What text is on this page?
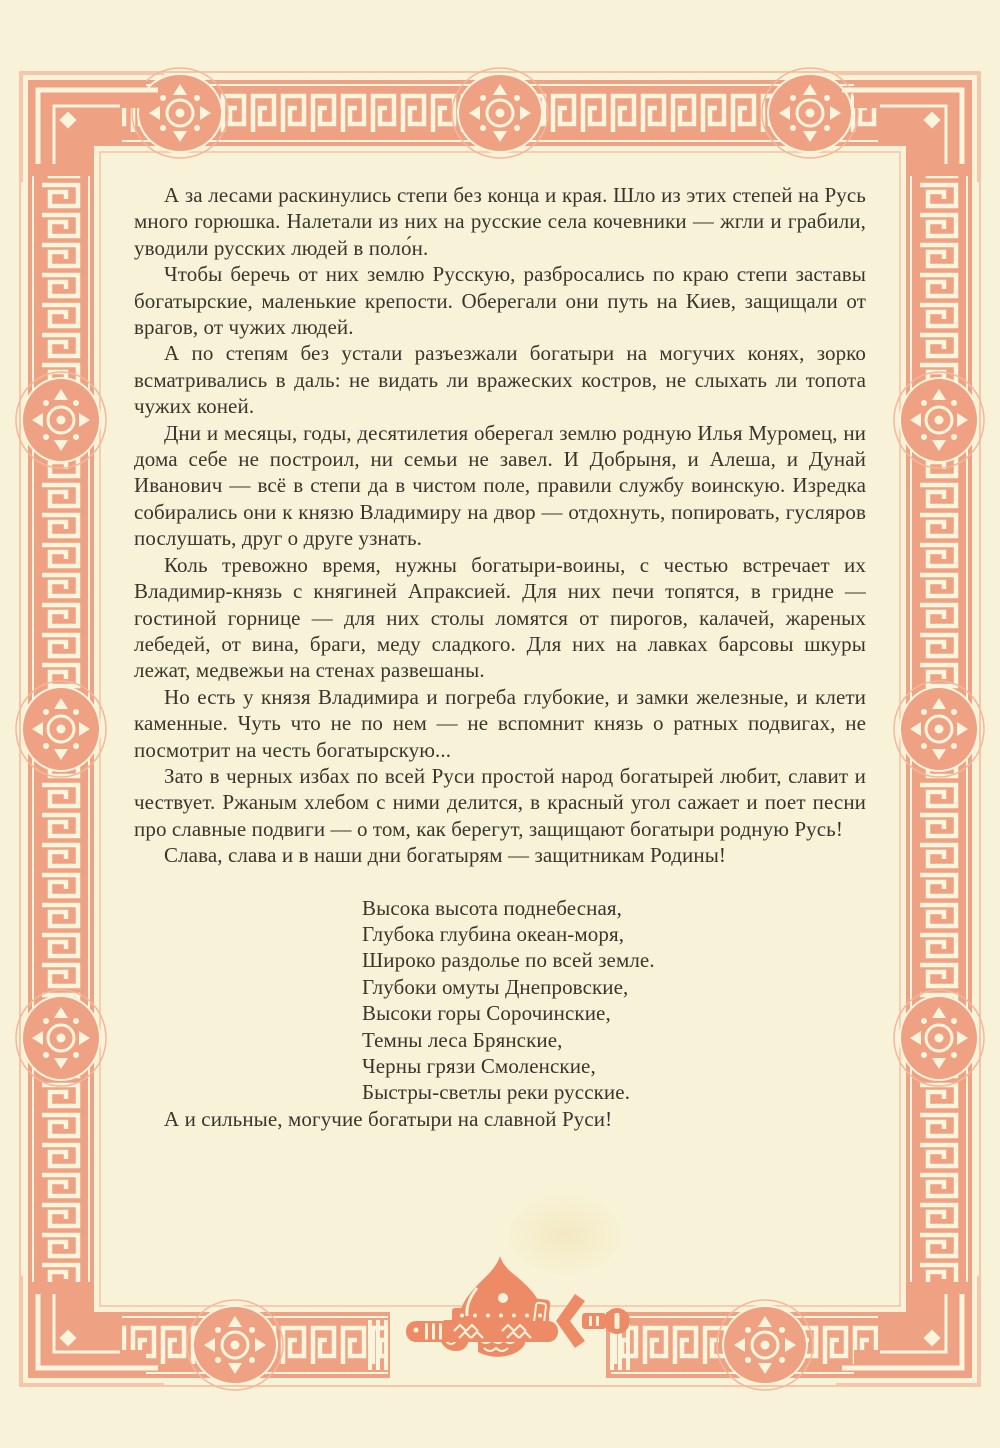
А за лесами раскинулись степи без конца и края. Шло из этих степей на Русь много горюшка. Налетали из них на русские села кочевники — жгли и грабили, уводили русских людей в поло́н.

Чтобы беречь от них землю Русскую, разбросались по краю степи заставы богатырские, маленькие крепости. Оберегали они путь на Киев, защищали от врагов, от чужих людей.

А по степям без устали разъезжали богатыри на могучих конях, зорко всматривались в даль: не видать ли вражеских костров, не слыхать ли топота чужих коней.

Дни и месяцы, годы, десятилетия оберегал землю родную Илья Муромец, ни дома себе не построил, ни семьи не завел. И Добрыня, и Алеша, и Дунай Иванович — всё в степи да в чистом поле, правили службу воинскую. Изредка собирались они к князю Владимиру на двор — отдохнуть, попировать, гусляров послушать, друг о друге узнать.

Коль тревожно время, нужны богатыри-воины, с честью встречает их Владимир-князь с княгиней Апраксией. Для них печи топятся, в гридне — гостиной горнице — для них столы ломятся от пирогов, калачей, жареных лебедей, от вина, браги, меду сладкого. Для них на лавках барсовы шкуры лежат, медвежьи на стенах развешаны.

Но есть у князя Владимира и погреба глубокие, и замки железные, и клети каменные. Чуть что не по нем — не вспомнит князь о ратных подвигах, не посмотрит на честь богатырскую...

Зато в черных избах по всей Руси простой народ богатырей любит, славит и чествует. Ржаным хлебом с ними делится, в красный угол сажает и поет песни про славные подвиги — о том, как берегут, защищают богатыри родную Русь!

Слава, слава и в наши дни богатырям — защитникам Родины!

Высока высота поднебесная,
Глубока глубина океан-моря,
Широко раздолье по всей земле.
Глубоки омуты Днепровские,
Высоки горы Сорочинские,
Темны леса Брянские,
Черны грязи Смоленские,
Быстры-светлы реки русские.

А и сильные, могучие богатыри на славной Руси!
